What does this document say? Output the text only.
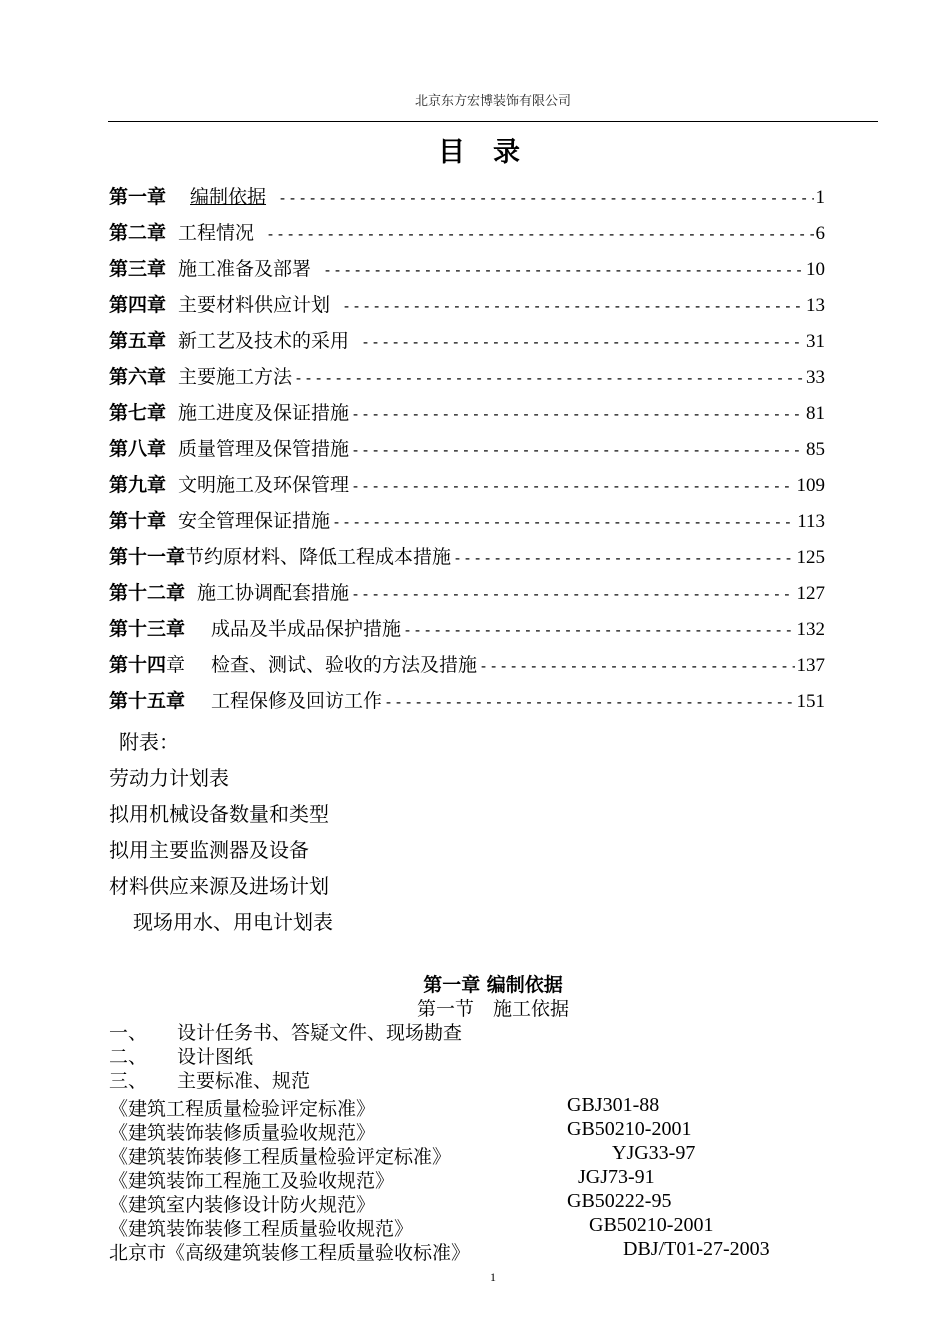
北京东方宏博装饰有限公司
目录
第一章 编制依据 -----	1
第二章 工程情况 -----	6
第三章 施工准备及部署 -----	10
第四章 主要材料供应计划 -----	13
第五章 新工艺及技术的采用 -----	31
第六章 主要施工方法 -----	33
第七章 施工进度及保证措施 -----	81
第八章 质量管理及保管措施 -----	85
第九章 文明施工及环保管理 -----	109
第十章 安全管理保证措施 -----	113
第十一章 节约原材料、降低工程成本措施 -----	125
第十二章 施工协调配套措施 -----	127
第十三章 成品及半成品保护措施 -----	132
第十四 章 检查、测试、验收的方法及措施 -----	137
第十五章 工程保修及回访工作 -----	151
附表：
劳动力计划表
拟用机械设备数量和类型
拟用主要监测器及设备
材料供应来源及进场计划
现场用水、用电计划表
第一章 编制依据
第一节　施工依据
一、	设计任务书、答疑文件、现场勘查
二、	设计图纸
三、	主要标准、规范
《建筑工程质量检验评定标准》	GBJ301-88
《建筑装饰装修质量验收规范》	GB50210-2001
《建筑装饰装修工程质量检验评定标准》	YJG33-97
《建筑装饰工程施工及验收规范》	JGJ73-91
《建筑室内装修设计防火规范》	GB50222-95
《建筑装饰装修工程质量验收规范》	GB50210-2001
北京市《高级建筑装修工程质量验收标准》	DBJ/T01-27-2003
1
